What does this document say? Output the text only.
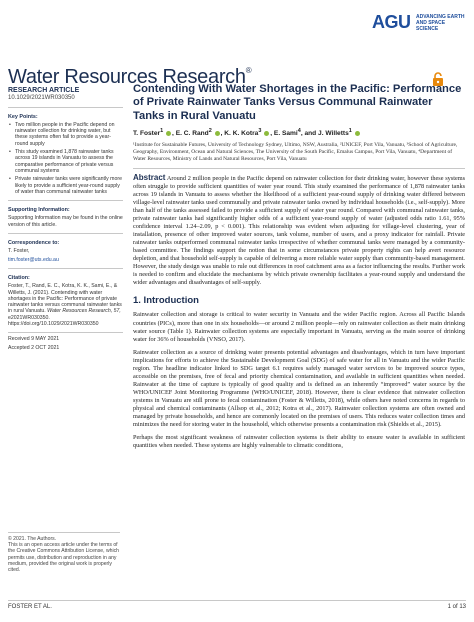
AGU ADVANCING EARTH AND SPACE SCIENCE
Water Resources Research®
RESEARCH ARTICLE
10.1029/2021WR030350
Key Points:
• Two million people in the Pacific depend on rainwater collection for drinking water, but these systems often fail to provide a year-round supply
• This study examined 1,878 rainwater tanks across 19 islands in Vanuatu to assess the comparative performance of private versus communal systems
• Private rainwater tanks were significantly more likely to provide a sufficient year-round supply of water than communal rainwater tanks
Supporting Information:

Supporting Information may be found in the online version of this article.

Correspondence to:

T. Foster,

tim.foster@uts.edu.au

Citation:

Foster, T., Rand, E. C., Kotra, K. K., Sami, E., & Willetts, J. (2021). Contending with water shortages in the Pacific: Performance of private rainwater tanks versus communal rainwater tanks in rural Vanuatu. Water Resources Research, 57, e2021WR030350. https://doi.org/10.1029/2021WR030350

Received 9 MAY 2021

Accepted 2 OCT 2021

© 2021. The Authors.

This is an open access article under the terms of the Creative Commons Attribution License, which permits use, distribution and reproduction in any medium, provided the original work is properly cited.

Contending With Water Shortages in the Pacific: Performance of Private Rainwater Tanks Versus Communal Rainwater Tanks in Rural Vanuatu
T. Foster$^1$ , E. C. Rand$^2$ , K. K. Kotra$^3$ , E. Sami$^4$, and J. Willetts$^1$
¹Institute for Sustainable Futures, University of Technology Sydney, Ultimo, NSW, Australia, ²UNICEF, Port Vila, Vanuatu, ³School of Agriculture, Geography, Environment, Ocean and Natural Sciences, The University of the South Pacific, Emalus Campus, Port Vila, Vanuatu, ⁴Department of Water Resources, Ministry of Lands and Natural Resources, Port Vila, Vanuatu
Abstract Around 2 million people in the Pacific depend on rainwater collection for their drinking water, however these systems often struggle to provide sufficient quantities of water year round. This study examined the performance of 1,878 rainwater tanks across 19 islands in Vanuatu to assess whether the likelihood of a sufficient year-round supply of drinking water differed between village-level rainwater tanks used communally and private rainwater tanks owned by individual households (i.e., self-supply). More than half of the tanks assessed failed to provide a sufficient supply of water year round. Compared with communal rainwater tanks, private rainwater tanks had significantly higher odds of a sufficient year-round supply of water (adjusted odds ratio 1.61, 95% confidence interval 1.24–2.09, p < 0.001). This relationship was evident when adjusting for village-level clustering, year of installation, presence of other improved water sources, tank volume, number of users, and a proxy indicator for rainfall. Private rainwater tanks outperformed communal rainwater tanks irrespective of whether communal tanks were managed by a community-based committee. The findings support the notion that in some circumstances private property rights can help avert resource depletion, and that household self-supply is capable of delivering a more reliable water supply than community-based management. However, the study design was unable to rule out differences in roof catchment area as a factor influencing the results. Further work is needed to confirm and elucidate the mechanisms by which private ownership facilitates a year-round supply and understand the wider advantages and disadvantages of self-supply.
1. Introduction

Rainwater collection and storage is critical to water security in Vanuatu and the wider Pacific region. Across all Pacific Islands countries (PICs), more than one in six households—or around 2 million people—rely on rainwater collection as their main drinking water source (Table 1). Rainwater collection systems are especially important in Vanuatu, serving as the main source of drinking water for 36% of households (VNSO, 2017).

Rainwater collection as a source of drinking water presents potential advantages and disadvantages, which in turn have important implications for efforts to achieve the Sustainable Development Goal (SDG) of safe water for all in Vanuatu and the wider Pacific region. The headline indicator linked to SDG target 6.1 requires safely managed water services to be improved source types, accessible on the premises, free of fecal and priority chemical contamination, and available in sufficient quantities when needed. Rainwater at the time of capture is typically of good quality and is defined as an inherently “improved” water source by the WHO/UNICEF Joint Monitoring Programme (WHO/UNICEF, 2018). However, there is clear evidence that rainwater collection systems in Vanuatu are still prone to fecal contamination (Foster & Willetts, 2018), while others have noted concerns in regards to physical and chemical contaminants (Allsop et al., 2012; Kotra et al., 2017). Rainwater collection systems are often owned and managed by private households, and hence are commonly located on the premises of users. This reduces water collection times and minimizes the need for storing water in the household, which otherwise presents a contamination risk (Shields et al., 2015).

Perhaps the most significant weakness of rainwater collection systems is their ability to ensure water is available in sufficient quantities when needed. These systems are highly vulnerable to climatic conditions,

FOSTER ET AL.	1 of 13
